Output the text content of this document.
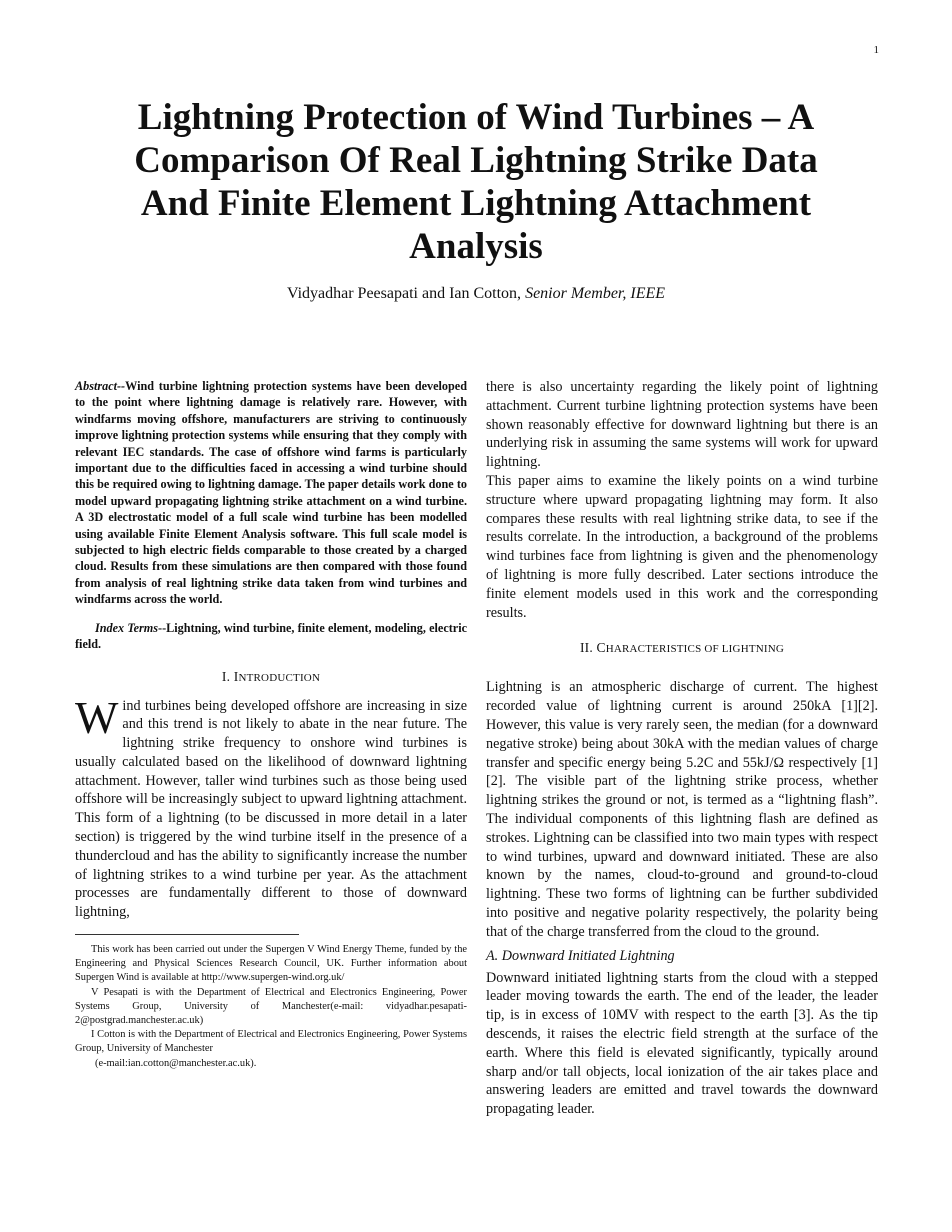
1
Lightning Protection of Wind Turbines – A Comparison Of Real Lightning Strike Data And Finite Element Lightning Attachment Analysis
Vidyadhar Peesapati and Ian Cotton, Senior Member, IEEE

Abstract--Wind turbine lightning protection systems have been developed to the point where lightning damage is relatively rare. However, with windfarms moving offshore, manufacturers are striving to continuously improve lightning protection systems while ensuring that they comply with relevant IEC standards. The case of offshore wind farms is particularly important due to the difficulties faced in accessing a wind turbine should this be required owing to lightning damage. The paper details work done to model upward propagating lightning strike attachment on a wind turbine. A 3D electrostatic model of a full scale wind turbine has been modelled using available Finite Element Analysis software. This full scale model is subjected to high electric fields comparable to those created by a charged cloud. Results from these simulations are then compared with those found from analysis of real lightning strike data taken from wind turbines and windfarms across the world.

Index Terms--Lightning, wind turbine, finite element, modeling, electric field.

I. INTRODUCTION

Wind turbines being developed offshore are increasing in size and this trend is not likely to abate in the near future. The lightning strike frequency to onshore wind turbines is usually calculated based on the likelihood of downward lightning attachment. However, taller wind turbines such as those being used offshore will be increasingly subject to upward lightning attachment. This form of a lightning (to be discussed in more detail in a later section) is triggered by the wind turbine itself in the presence of a thundercloud and has the ability to significantly increase the number of lightning strikes to a wind turbine per year. As the attachment processes are fundamentally different to those of downward lightning,

This work has been carried out under the Supergen V Wind Energy Theme, funded by the Engineering and Physical Sciences Research Council, UK. Further information about Supergen Wind is available at http://www.supergen-wind.org.uk/

V Pesapati is with the Department of Electrical and Electronics Engineering, Power Systems Group, University of Manchester(e-mail: vidyadhar.pesapati-2@postgrad.manchester.ac.uk)

I Cotton is with the Department of Electrical and Electronics Engineering, Power Systems Group, University of Manchester

(e-mail:ian.cotton@manchester.ac.uk).

there is also uncertainty regarding the likely point of lightning attachment. Current turbine lightning protection systems have been shown reasonably effective for downward lightning but there is an underlying risk in assuming the same systems will work for upward lightning.

This paper aims to examine the likely points on a wind turbine structure where upward propagating lightning may form. It also compares these results with real lightning strike data, to see if the results correlate. In the introduction, a background of the problems wind turbines face from lightning is given and the phenomenology of lightning is more fully described. Later sections introduce the finite element models used in this work and the corresponding results.

II. CHARACTERISTICS OF LIGHTNING

Lightning is an atmospheric discharge of current. The highest recorded value of lightning current is around 250kA [1][2]. However, this value is very rarely seen, the median (for a downward negative stroke) being about 30kA with the median values of charge transfer and specific energy being 5.2C and 55kJ/Ω respectively [1][2]. The visible part of the lightning strike process, whether lightning strikes the ground or not, is termed as a “lightning flash”. The individual components of this lightning flash are defined as strokes. Lightning can be classified into two main types with respect to wind turbines, upward and downward initiated. These are also known by the names, cloud-to-ground and ground-to-cloud lightning. These two forms of lightning can be further subdivided into positive and negative polarity respectively, the polarity being that of the charge transferred from the cloud to the ground.

A. Downward Initiated Lightning

Downward initiated lightning starts from the cloud with a stepped leader moving towards the earth. The end of the leader, the leader tip, is in excess of 10MV with respect to the earth [3]. As the tip descends, it raises the electric field strength at the surface of the earth. Where this field is elevated significantly, typically around sharp and/or tall objects, local ionization of the air takes place and answering leaders are emitted and travel towards the downward propagating leader.
